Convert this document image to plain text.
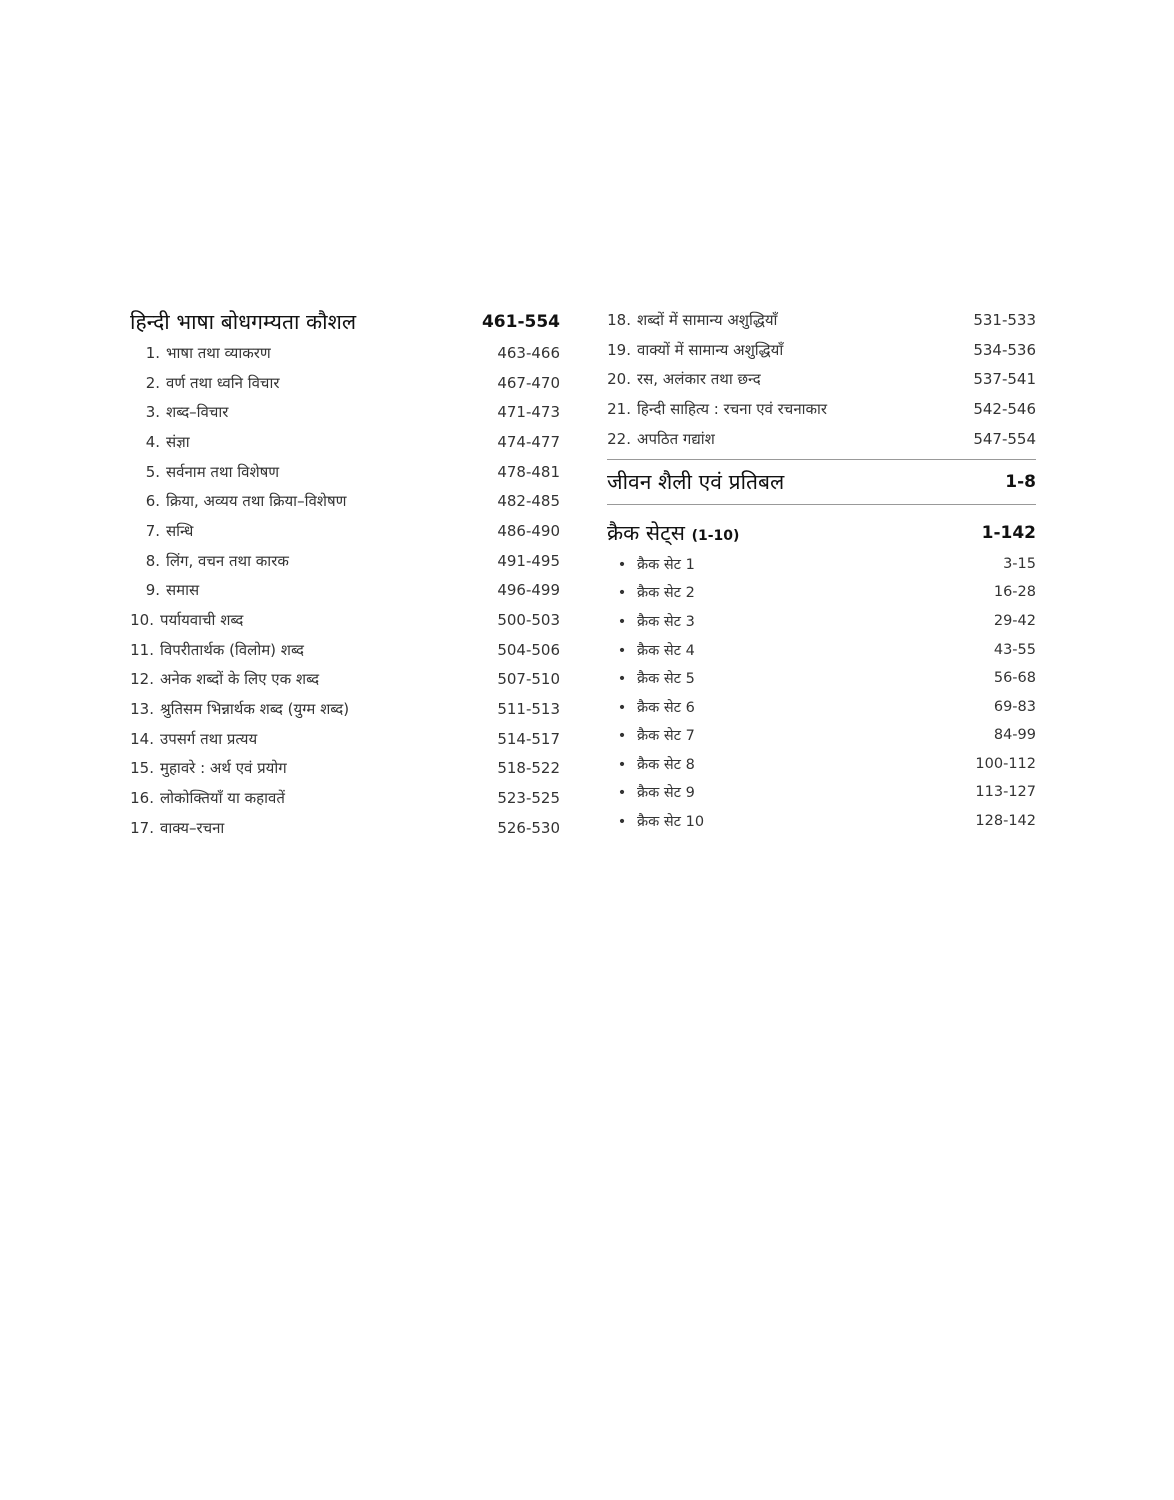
हिन्दी भाषा बोधगम्यता कौशल	461-554
1. भाषा तथा व्याकरण	463-466
2. वर्ण तथा ध्वनि विचार	467-470
3. शब्द–विचार	471-473
4. संज्ञा	474-477
5. सर्वनाम तथा विशेषण	478-481
6. क्रिया, अव्यय तथा क्रिया–विशेषण	482-485
7. सन्धि	486-490
8. लिंग, वचन तथा कारक	491-495
9. समास	496-499
10. पर्यायवाची शब्द	500-503
11. विपरीतार्थक (विलोम) शब्द	504-506
12. अनेक शब्दों के लिए एक शब्द	507-510
13. श्रुतिसम भिन्नार्थक शब्द (युग्म शब्द)	511-513
14. उपसर्ग तथा प्रत्यय	514-517
15. मुहावरे : अर्थ एवं प्रयोग	518-522
16. लोकोक्तियाँ या कहावतें	523-525
17. वाक्य–रचना	526-530
18. शब्दों में सामान्य अशुद्धियाँ	531-533
19. वाक्यों में सामान्य अशुद्धियाँ	534-536
20. रस, अलंकार तथा छन्द	537-541
21. हिन्दी साहित्य : रचना एवं रचनाकार	542-546
22. अपठित गद्यांश	547-554
जीवन शैली एवं प्रतिबल	1-8
क्रैक सेट्स (1-10)	1-142
• क्रैक सेट 1	3-15
• क्रैक सेट 2	16-28
• क्रैक सेट 3	29-42
• क्रैक सेट 4	43-55
• क्रैक सेट 5	56-68
• क्रैक सेट 6	69-83
• क्रैक सेट 7	84-99
• क्रैक सेट 8	100-112
• क्रैक सेट 9	113-127
• क्रैक सेट 10	128-142
